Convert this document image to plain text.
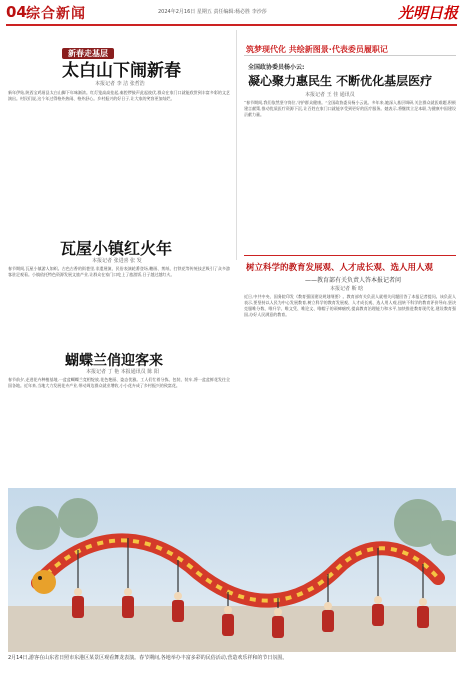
04 综合新闻	2024年2月16日 星期五 责任编辑:杨必胜 李沙莎	光明日报
新春走基层
太白山下闹新春
本报记者 李 洁 张哲浩
新年伊始,陕西宝鸡眉县太白山脚下年味渐浓。红灯笼高高挂起,秦腔锣鼓声此起彼伏,群众在家门口就能欣赏到丰富多彩的文艺演出。村民们说,这个年过得格外热闹、格外舒心。乡村振兴的好日子,让大家的笑容更加灿烂。
瓦屋小镇红火年
本报记者 张进喜 张 发
春节期间,瓦屋小镇游人如织。古色古香的街巷里,非遗展演、民俗表演轮番登场,糖画、剪纸、打铁花等传统技艺吸引了众多游客驻足观看。小镇依托特色资源发展文旅产业,让群众在家门口吃上了旅游饭,日子越过越红火。
蝴蝶兰俏迎客来
本报记者 丁 艳 本报通讯员 陈 阳
春节前夕,走进花卉种植基地,一盆盆蝴蝶兰竞相绽放,花色艳丽、姿态优雅。工人们忙着分拣、包装、装车,将一盆盆鲜花发往全国各地。近年来,当地大力发展花卉产业,带动周边群众就业增收,小小花卉成了乡村振兴的致富花。
筑梦现代化 共绘新图景·代表委员履职记
全国政协委员杨小云:
凝心聚力惠民生 不断优化基层医疗
本报记者 王 佳 通讯员
“春节期间,我们依然坚守岗位,守护群众健康。”全国政协委员杨小云说。多年来,她深入基层调研,关注群众就医难题,积极建言献策,推动优质医疗资源下沉,让百姓在家门口就能享受到更好的医疗服务。她表示,将继续立足本职,为健康中国建设贡献力量。
树立科学的教育发展观、人才成长观、选人用人观
——教育部有关负责人答本报记者问
本报记者 靳 晗
近日,中共中央、国务院印发《教育强国建设规划纲要》。教育部有关负责人就相关问题回答了本报记者提问。该负责人表示,要坚持以人民为中心发展教育,树立科学的教育发展观、人才成长观、选人用人观,扭转不科学的教育评价导向,坚决克服唯分数、唯升学、唯文凭、唯论文、唯帽子的顽瘴痼疾,提高教育治理能力和水平,加快推进教育现代化,建设教育强国,办好人民满意的教育。
2月14日,游客在山东省日照市东港区某景区观看舞龙表演。春节期间,各地举办丰富多彩的民俗活动,营造欢乐祥和的节日氛围。
